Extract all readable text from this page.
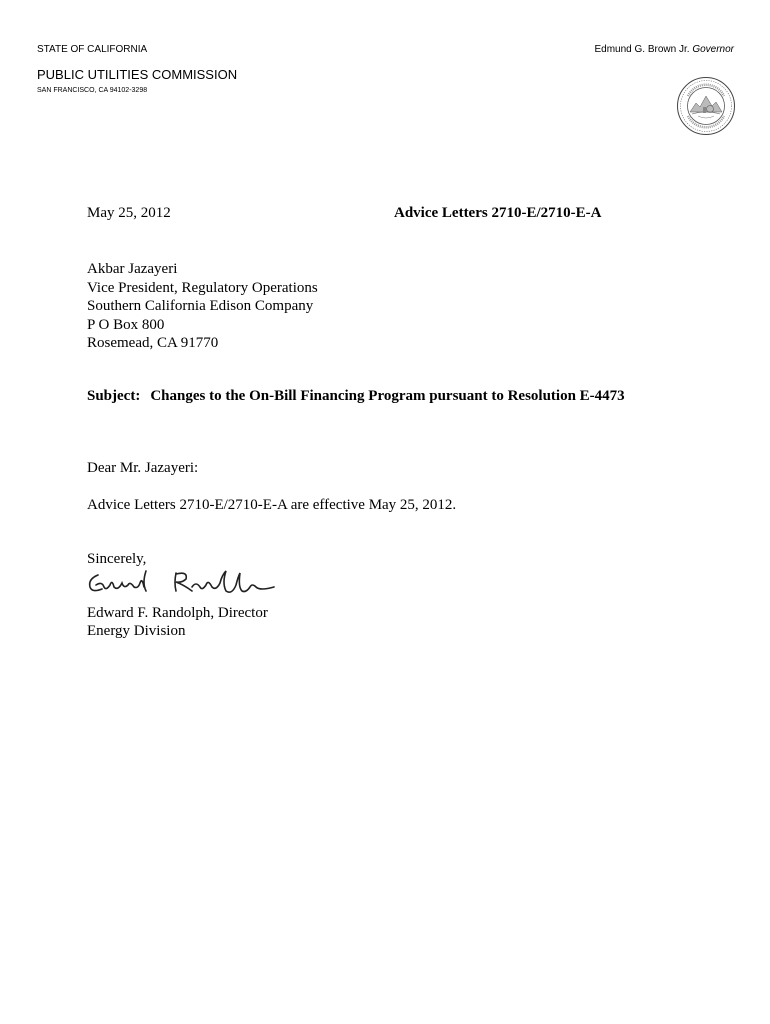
STATE OF CALIFORNIA	Edmund G. Brown Jr. Governor
PUBLIC UTILITIES COMMISSION
SAN FRANCISCO, CA 94102-3298
May 25, 2012	Advice Letters 2710-E/2710-E-A
Akbar Jazayeri
Vice President, Regulatory Operations
Southern California Edison Company
P O Box 800
Rosemead, CA 91770
Subject: Changes to the On-Bill Financing Program pursuant to Resolution E-4473
Dear Mr. Jazayeri:
Advice Letters 2710-E/2710-E-A are effective May 25, 2012.
Sincerely,
Edward F. Randolph, Director
Energy Division
